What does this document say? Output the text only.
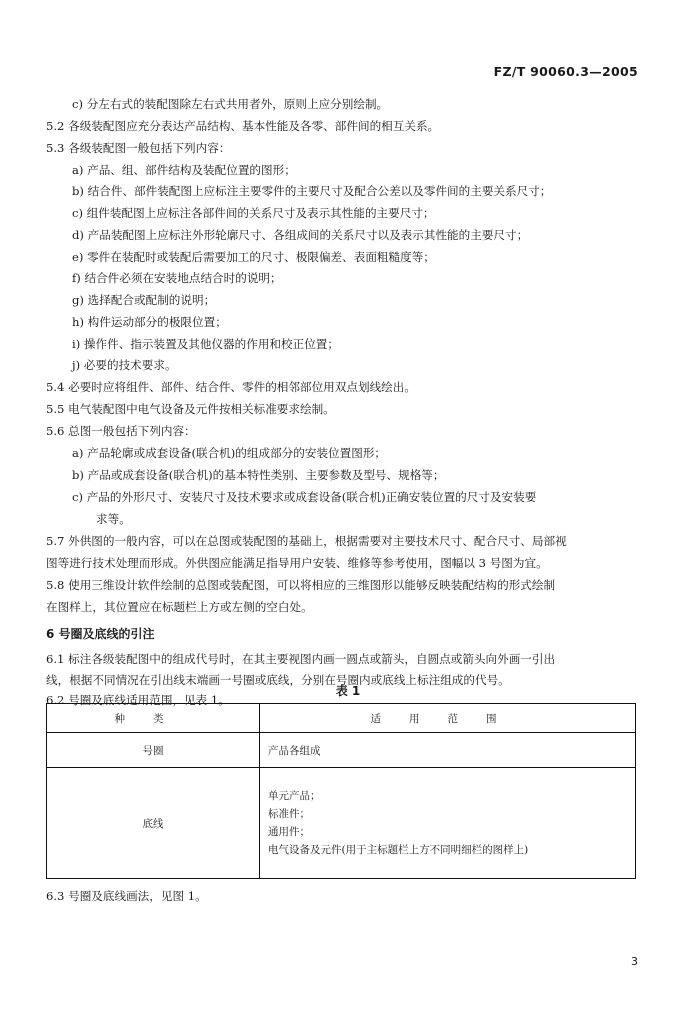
FZ/T 90060.3—2005
c) 分左右式的装配图除左右式共用者外，原则上应分别绘制。
5.2 各级装配图应充分表达产品结构、基本性能及各零、部件间的相互关系。
5.3 各级装配图一般包括下列内容：
a) 产品、组、部件结构及装配位置的图形；
b) 结合件、部件装配图上应标注主要零件的主要尺寸及配合公差以及零件间的主要关系尺寸；
c) 组件装配图上应标注各部件间的关系尺寸及表示其性能的主要尺寸；
d) 产品装配图上应标注外形轮廓尺寸、各组成间的关系尺寸以及表示其性能的主要尺寸；
e) 零件在装配时或装配后需要加工的尺寸、极限偏差、表面粗糙度等；
f) 结合件必须在安装地点结合时的说明；
g) 选择配合或配制的说明；
h) 构件运动部分的极限位置；
i) 操作件、指示装置及其他仪器的作用和校正位置；
j) 必要的技术要求。
5.4 必要时应将组件、部件、结合件、零件的相邻部位用双点划线绘出。
5.5 电气装配图中电气设备及元件按相关标准要求绘制。
5.6 总图一般包括下列内容：
a) 产品轮廓或成套设备(联合机)的组成部分的安装位置图形；
b) 产品或成套设备(联合机)的基本特性类别、主要参数及型号、规格等；
c) 产品的外形尺寸、安装尺寸及技术要求或成套设备(联合机)正确安装位置的尺寸及安装要
求等。
5.7 外供图的一般内容，可以在总图或装配图的基础上，根据需要对主要技术尺寸、配合尺寸、局部视
图等进行技术处理而形成。外供图应能满足指导用户安装、维修等参考使用，图幅以 3 号图为宜。
5.8 使用三维设计软件绘制的总图或装配图，可以将相应的三维图形以能够反映装配结构的形式绘制
在图样上，其位置应在标题栏上方或左侧的空白处。
6 号圈及底线的引注
6.1 标注各级装配图中的组成代号时，在其主要视图内画一圆点或箭头，自圆点或箭头向外画一引出
线，根据不同情况在引出线末端画一号圈或底线，分别在号圈内或底线上标注组成的代号。
6.2 号圈及底线适用范围，见表 1。
表 1
种类	适用范围
号圈	产品各组成
底线	单元产品；
标准件；
通用件；
电气设备及元件(用于主标题栏上方不同明细栏的图样上)
6.3 号圈及底线画法，见图 1。
3
